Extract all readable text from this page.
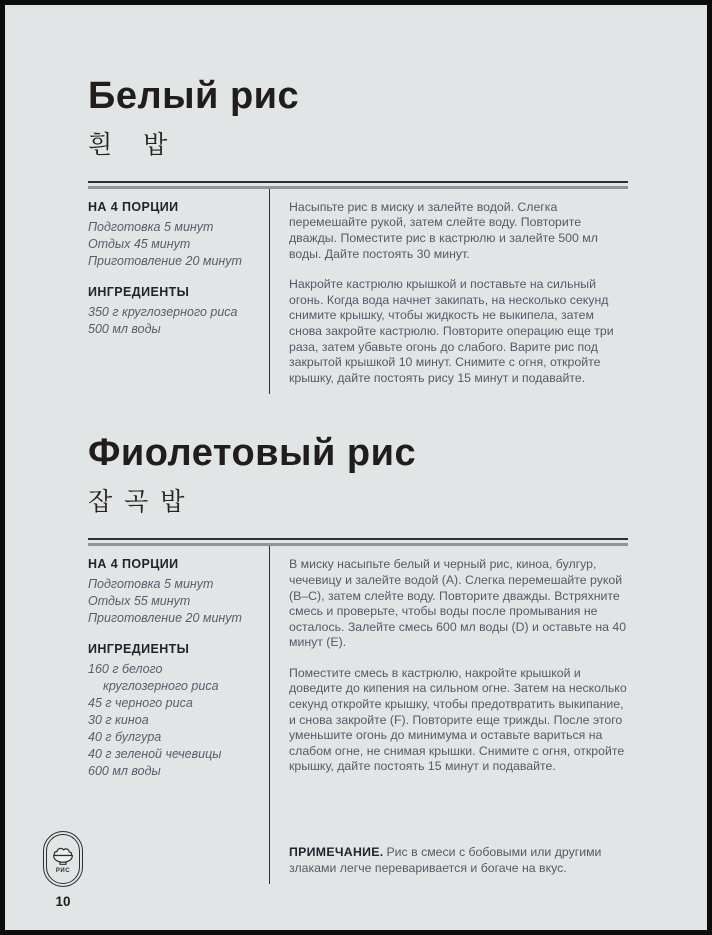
Белый рис
흰 밥
НА 4 ПОРЦИИ
Подготовка 5 минут
Отдых 45 минут
Приготовление 20 минут
ИНГРЕДИЕНТЫ
350 г круглозерного риса
500 мл воды

Насыпьте рис в миску и залейте водой. Слегка перемешайте рукой, затем слейте воду. Повторите дважды. Поместите рис в кастрюлю и залейте 500 мл воды. Дайте постоять 30 минут.

Накройте кастрюлю крышкой и поставьте на сильный огонь. Когда вода начнет закипать, на несколько секунд снимите крышку, чтобы жидкость не выкипела, затем снова закройте кастрюлю. Повторите операцию еще три раза, затем убавьте огонь до слабого. Варите рис под закрытой крышкой 10 минут. Снимите с огня, откройте крышку, дайте постоять рису 15 минут и подавайте.

Фиолетовый рис
잡곡밥
НА 4 ПОРЦИИ
Подготовка 5 минут
Отдых 55 минут
Приготовление 20 минут
ИНГРЕДИЕНТЫ
160 г белого круглозерного риса
45 г черного риса
30 г киноа
40 г булгура
40 г зеленой чечевицы
600 мл воды

В миску насыпьте белый и черный рис, киноа, булгур, чечевицу и залейте водой (A). Слегка перемешайте рукой (B–C), затем слейте воду. Повторите дважды. Встряхните смесь и проверьте, чтобы воды после промывания не осталось. Залейте смесь 600 мл воды (D) и оставьте на 40 минут (E).

Поместите смесь в кастрюлю, накройте крышкой и доведите до кипения на сильном огне. Затем на несколько секунд откройте крышку, чтобы предотвратить выкипание, и снова закройте (F). Повторите еще трижды. После этого уменьшите огонь до минимума и оставьте вариться на слабом огне, не снимая крышки. Снимите с огня, откройте крышку, дайте постоять 15 минут и подавайте.

ПРИМЕЧАНИЕ. Рис в смеси с бобовыми или другими злаками легче переваривается и богаче на вкус.
РИС
10
